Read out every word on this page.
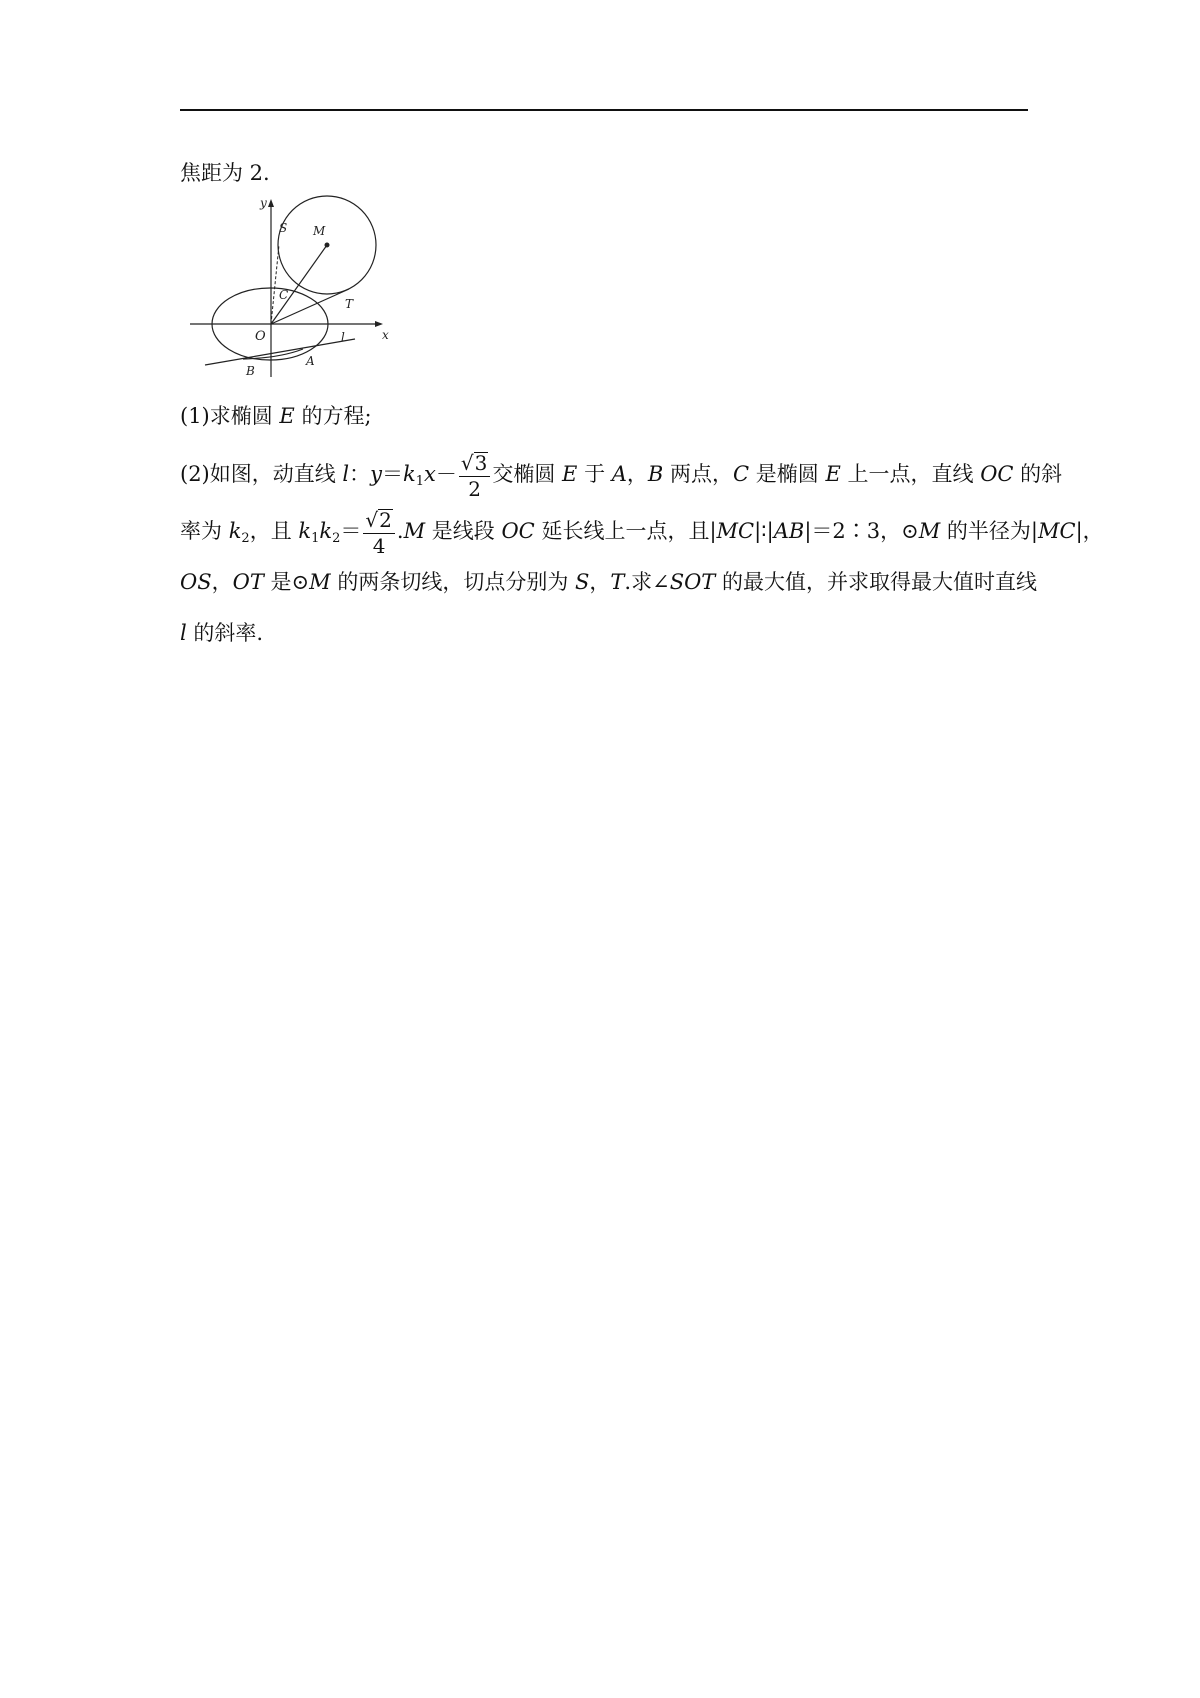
焦距为 2.
y
x
O
S M
C
T
l
B
A
(1)求椭圆 E 的方程;
(2)如图，动直线 l：$y=k_1x- \frac{√3}{2}$ 交椭圆 E 于 A，B 两点，C 是椭圆 E 上一点，直线 OC 的斜
率为 $k_2$，且 $k_1k_2= \frac{√2}{4} .M$ 是线段 OC 延长线上一点，且|MC|∶|AB|＝2∶3，⊙M 的半径为|MC|，
OS，OT 是⊙M 的两条切线，切点分别为 S，T.求∠SOT 的最大值，并求取得最大值时直线
l 的斜率.
